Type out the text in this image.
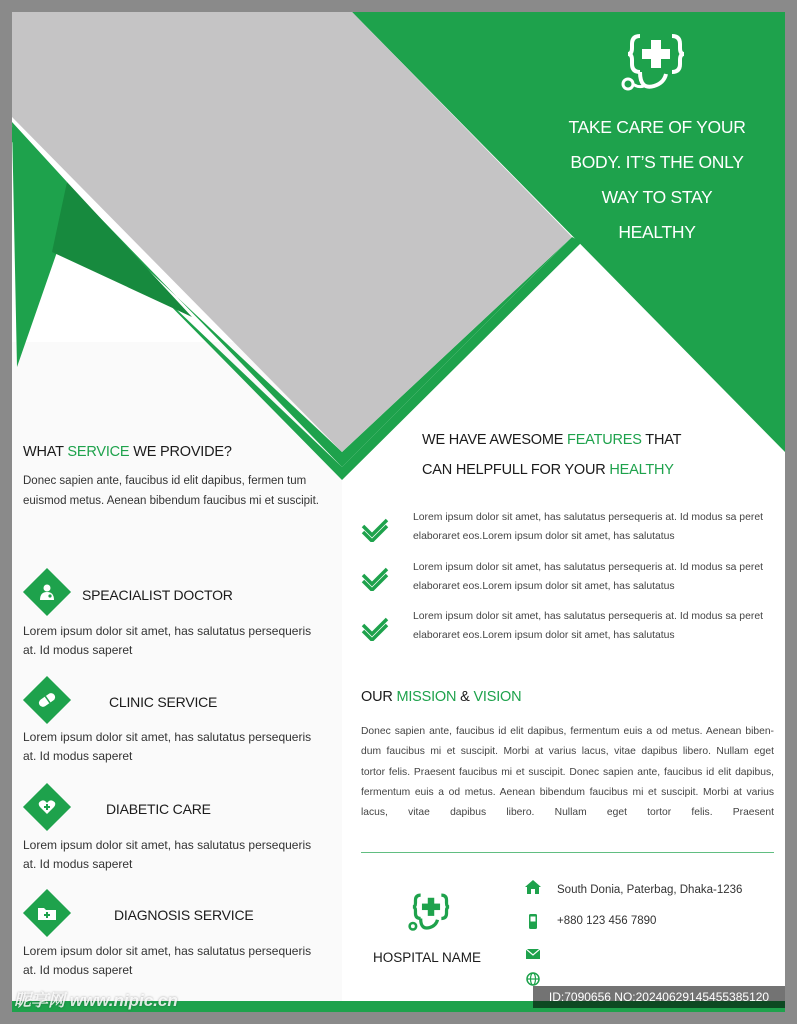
TAKE CARE OF YOUR
BODY. IT’S THE ONLY
WAY TO STAY
HEALTHY
WHAT SERVICE WE PROVIDE?
Donec sapien ante, faucibus id elit dapibus, fermen tum euismod metus. Aenean bibendum faucibus mi et suscipit.
SPEACIALIST DOCTOR
Lorem ipsum dolor sit amet, has salutatus persequeris at. Id modus saperet
CLINIC SERVICE
Lorem ipsum dolor sit amet, has salutatus persequeris at. Id modus saperet
DIABETIC CARE
Lorem ipsum dolor sit amet, has salutatus persequeris at. Id modus saperet
DIAGNOSIS SERVICE
Lorem ipsum dolor sit amet, has salutatus persequeris at. Id modus saperet
WE HAVE AWESOME FEATURES THAT
CAN HELPFULL FOR YOUR HEALTHY
Lorem ipsum dolor sit amet, has salutatus persequeris at. Id modus sa peret
elaboraret eos.Lorem ipsum dolor sit amet, has salutatus
Lorem ipsum dolor sit amet, has salutatus persequeris at. Id modus sa peret
elaboraret eos.Lorem ipsum dolor sit amet, has salutatus
Lorem ipsum dolor sit amet, has salutatus persequeris at. Id modus sa peret
elaboraret eos.Lorem ipsum dolor sit amet, has salutatus
OUR MISSION & VISION
Donec sapien ante, faucibus id elit dapibus, fermentum euis a od metus. Aenean biben-
dum faucibus mi et suscipit. Morbi at varius lacus, vitae dapibus libero. Nullam eget
tortor felis. Praesent faucibus mi et suscipit. Donec sapien ante, faucibus id elit dapibus,
fermentum euis a od metus. Aenean bibendum faucibus mi et suscipit. Morbi at varius
lacus, vitae dapibus libero. Nullam eget tortor felis. Praesent
HOSPITAL NAME
South Donia, Paterbag, Dhaka-1236
+880 123 456 7890
昵享网 www.nipic.cn	ID:7090656 NO:20240629145455385120
